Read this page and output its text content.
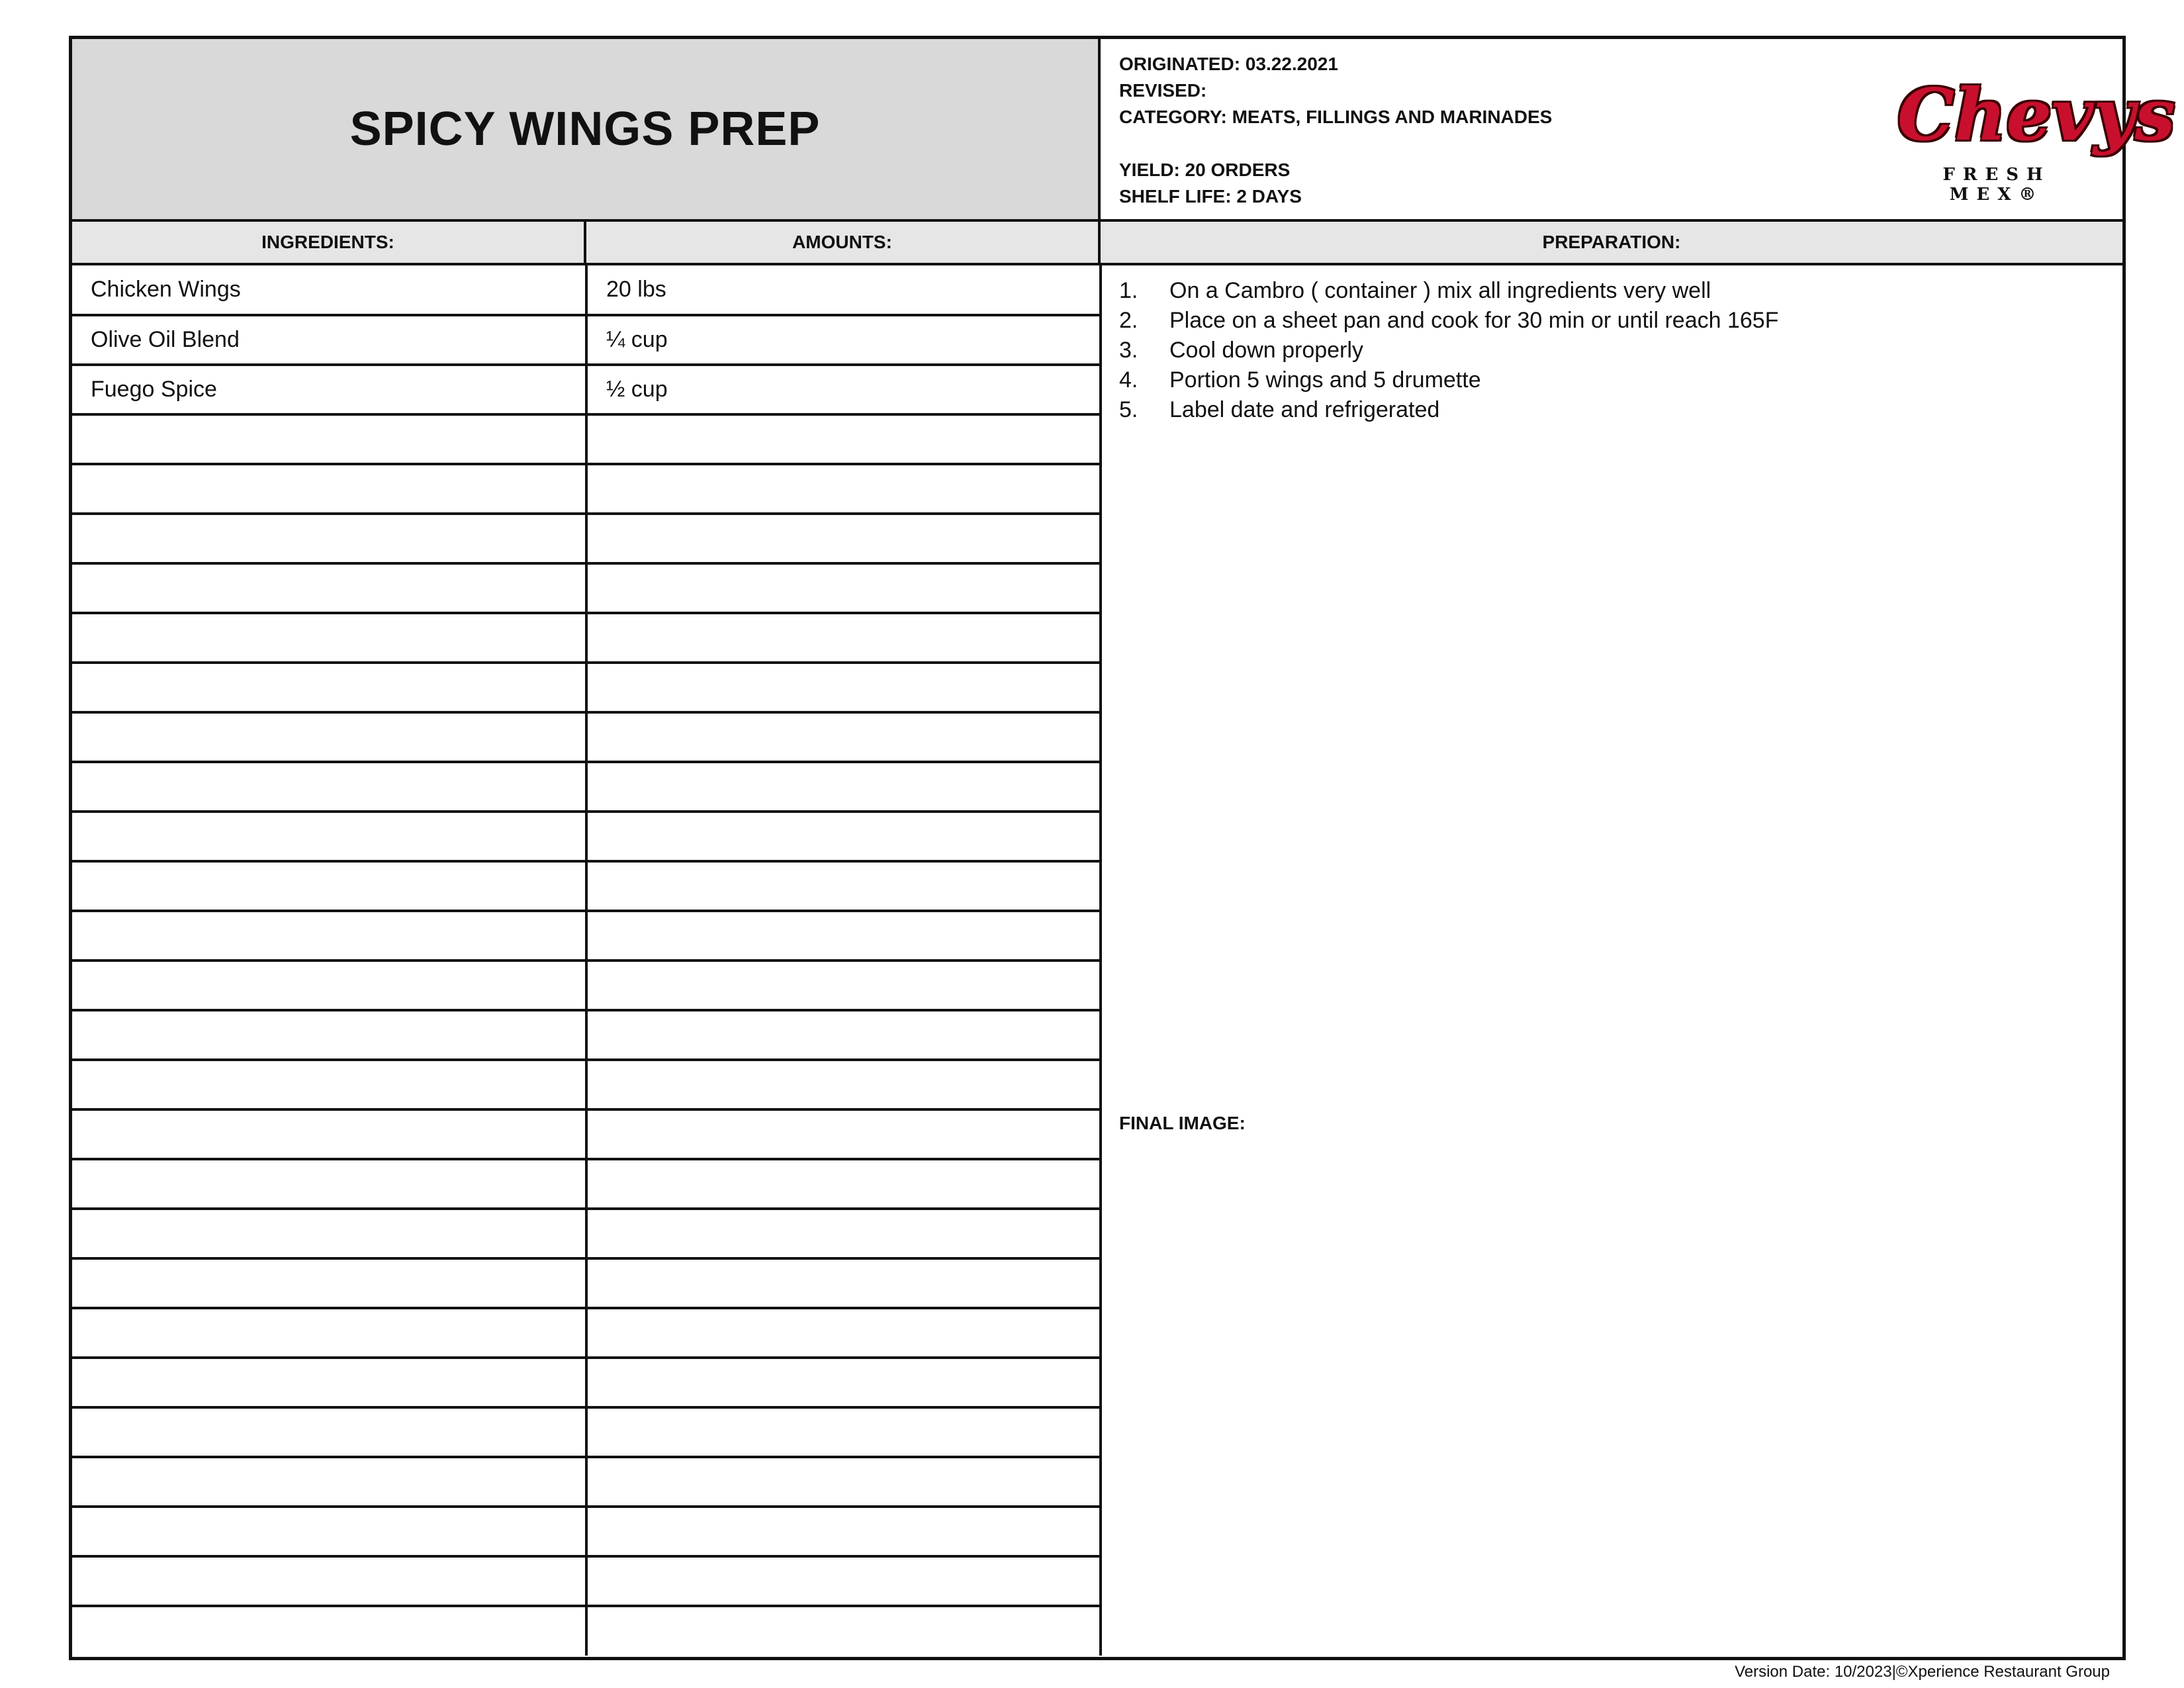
SPICY WINGS PREP
ORIGINATED: 03.22.2021
REVISED:
CATEGORY: MEATS, FILLINGS AND MARINADES
YIELD: 20 ORDERS
SHELF LIFE: 2 DAYS
Chevys
FRESH MEX®
INGREDIENTS:	AMOUNTS:	PREPARATION:
Chicken Wings	20 lbs
Olive Oil Blend	¼ cup
Fuego Spice	½ cup

1.	On a Cambro ( container ) mix all ingredients very well
2.	Place on a sheet pan and cook for 30 min or until reach 165F
3.	Cool down properly
4.	Portion 5 wings and 5 drumette
5.	Label date and refrigerated
FINAL IMAGE:
Version Date: 10/2023|©Xperience Restaurant Group
